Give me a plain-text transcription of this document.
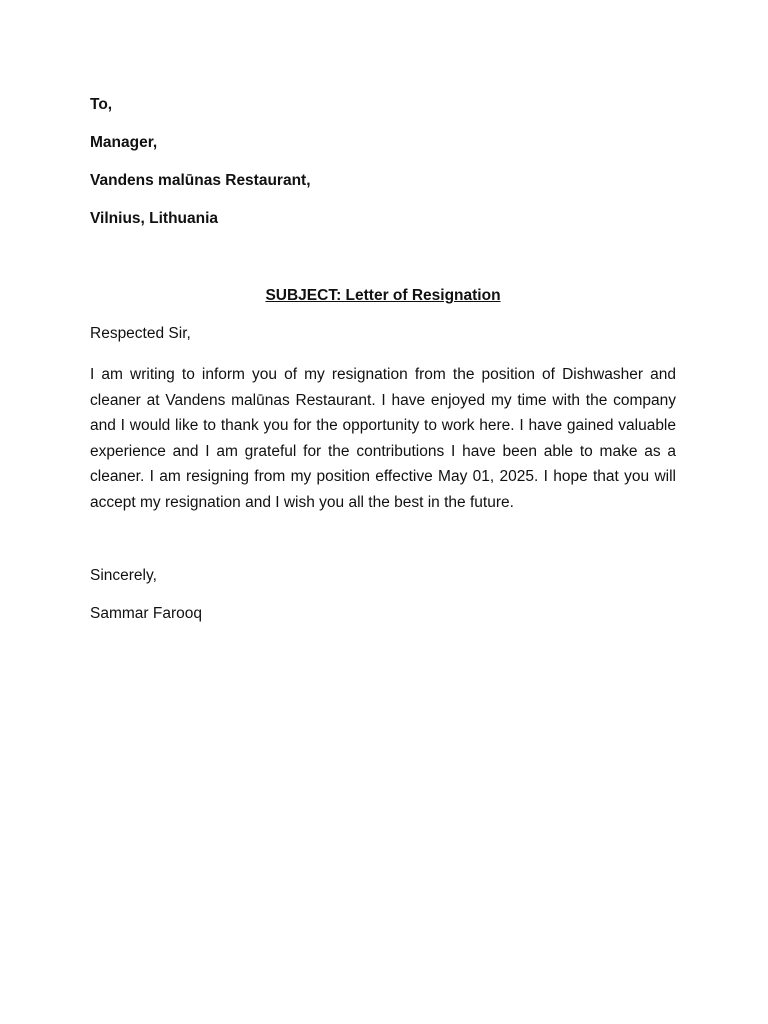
To,

Manager,

Vandens malūnas Restaurant,

Vilnius, Lithuania

SUBJECT: Letter of Resignation

Respected Sir,

I am writing to inform you of my resignation from the position of Dishwasher and cleaner at Vandens malūnas Restaurant. I have enjoyed my time with the company and I would like to thank you for the opportunity to work here. I have gained valuable experience and I am grateful for the contributions I have been able to make as a cleaner. I am resigning from my position effective May 01, 2025. I hope that you will accept my resignation and I wish you all the best in the future.

Sincerely,

Sammar Farooq
